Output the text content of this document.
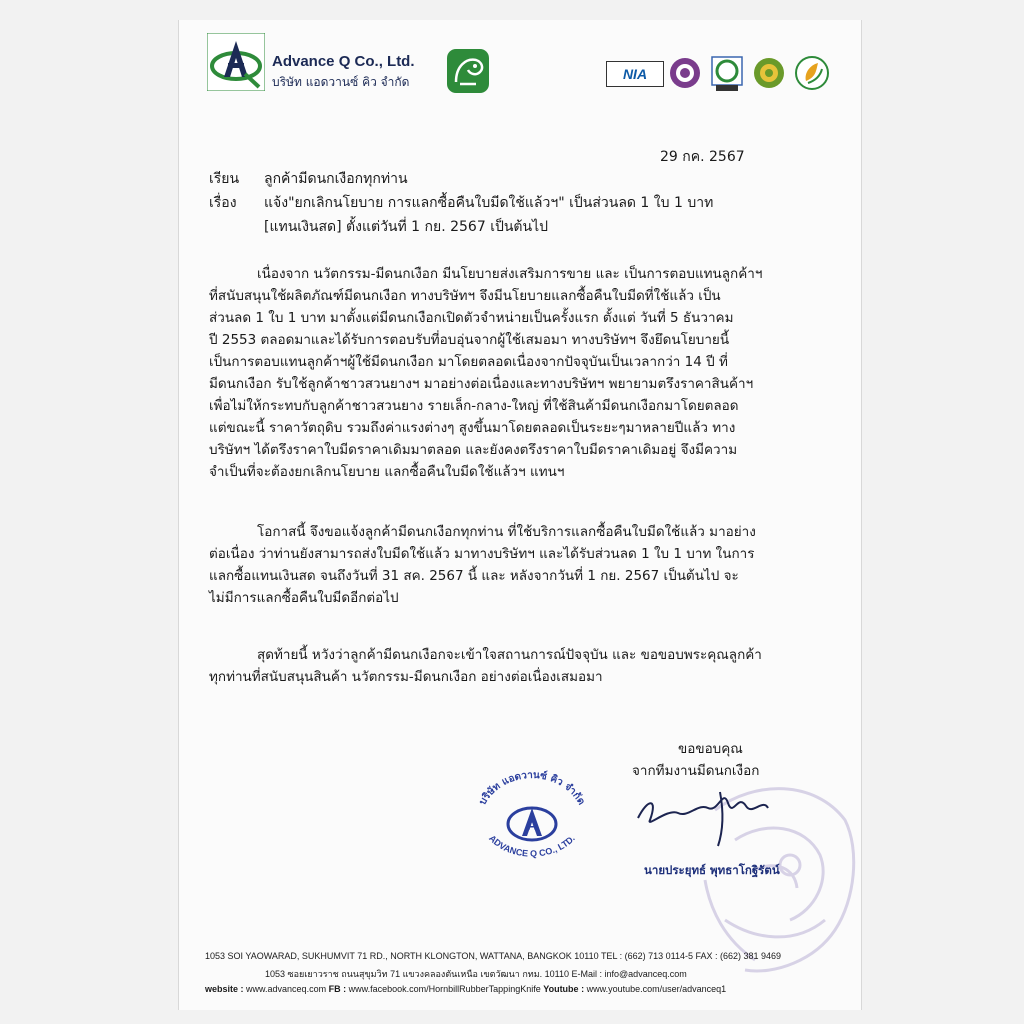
Advance Q Co., Ltd.
บริษัท แอดวานซ์ คิว จำกัด	NIA
29 กค. 2567
เรียน ลูกค้ามีดนกเงือกทุกท่าน
เรื่อง แจ้ง"ยกเลิกนโยบาย การแลกซื้อคืนใบมีดใช้แล้วฯ" เป็นส่วนลด 1 ใบ 1 บาท
[แทนเงินสด] ตั้งแต่วันที่ 1 กย. 2567 เป็นต้นไป
เนื่องจาก นวัตกรรม-มีดนกเงือก มีนโยบายส่งเสริมการขาย และ เป็นการตอบแทนลูกค้าฯ
ที่สนับสนุนใช้ผลิตภัณฑ์มีดนกเงือก ทางบริษัทฯ จึงมีนโยบายแลกซื้อคืนใบมีดที่ใช้แล้ว เป็น
ส่วนลด 1 ใบ 1 บาท มาตั้งแต่มีดนกเงือกเปิดตัวจำหน่ายเป็นครั้งแรก ตั้งแต่ วันที่ 5 ธันวาคม
ปี 2553 ตลอดมาและได้รับการตอบรับที่อบอุ่นจากผู้ใช้เสมอมา ทางบริษัทฯ จึงยึดนโยบายนี้
เป็นการตอบแทนลูกค้าฯผู้ใช้มีดนกเงือก มาโดยตลอดเนื่องจากปัจจุบันเป็นเวลากว่า 14 ปี ที่
มีดนกเงือก รับใช้ลูกค้าชาวสวนยางฯ มาอย่างต่อเนื่องและทางบริษัทฯ พยายามตรึงราคาสินค้าฯ
เพื่อไม่ให้กระทบกับลูกค้าชาวสวนยาง รายเล็ก-กลาง-ใหญ่ ที่ใช้สินค้ามีดนกเงือกมาโดยตลอด
แต่ขณะนี้ ราคาวัตถุดิบ รวมถึงค่าแรงต่างๆ สูงขึ้นมาโดยตลอดเป็นระยะๆมาหลายปีแล้ว ทาง
บริษัทฯ ได้ตรึงราคาใบมีดราคาเดิมมาตลอด และยังคงตรึงราคาใบมีดราคาเดิมอยู่ จึงมีความ
จำเป็นที่จะต้องยกเลิกนโยบาย แลกซื้อคืนใบมีดใช้แล้วฯ แทนฯ
โอกาสนี้ จึงขอแจ้งลูกค้ามีดนกเงือกทุกท่าน ที่ใช้บริการแลกซื้อคืนใบมีดใช้แล้ว มาอย่าง
ต่อเนื่อง ว่าท่านยังสามารถส่งใบมีดใช้แล้ว มาทางบริษัทฯ และได้รับส่วนลด 1 ใบ 1 บาท ในการ
แลกซื้อแทนเงินสด จนถึงวันที่ 31 สค. 2567 นี้ และ หลังจากวันที่ 1 กย. 2567 เป็นต้นไป จะ
ไม่มีการแลกซื้อคืนใบมีดอีกต่อไป
สุดท้ายนี้ หวังว่าลูกค้ามีดนกเงือกจะเข้าใจสถานการณ์ปัจจุบัน และ ขอขอบพระคุณลูกค้า
ทุกท่านที่สนับสนุนสินค้า นวัตกรรม-มีดนกเงือก อย่างต่อเนื่องเสมอมา
ขอขอบคุณ
จากทีมงานมีดนกเงือก
บริษัท แอดวานซ์ คิว จำกัด
ADVANCE Q CO., LTD.
A
นายประยุทธ์ พุทธาโกฐิรัตน์
1053 SOI YAOWARAD, SUKHUMVIT 71 RD., NORTH KLONGTON, WATTANA, BANGKOK 10110 TEL : (662) 713 0114-5 FAX : (662) 381 9469
1053 ซอยเยาวราช ถนนสุขุมวิท 71 แขวงคลองตันเหนือ เขตวัฒนา กทม. 10110 E-Mail : info@advanceq.com
website : www.advanceq.com FB : www.facebook.com/HornbillRubberTappingKnife Youtube : www.youtube.com/user/advanceq1
